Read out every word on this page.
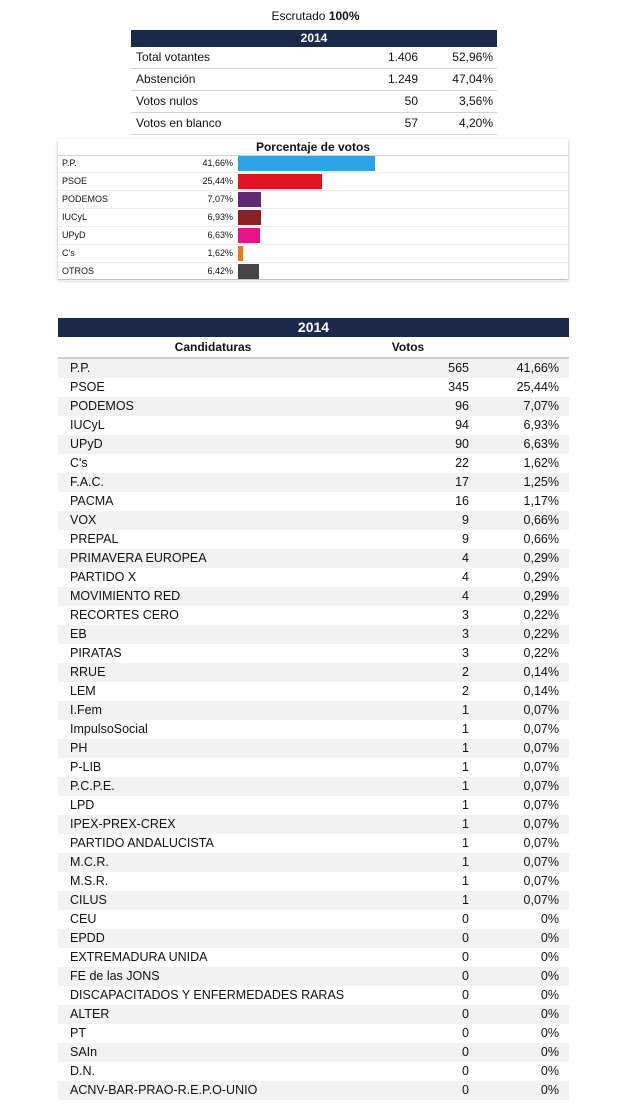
Escrutado 100%
2014
Total votantes	1.406	52,96%
Abstención	1.249	47,04%
Votos nulos	50	3,56%
Votos en blanco	57	4,20%
Porcentaje de votos
P.P.	41,66%
PSOE	25,44%
PODEMOS	7,07%
IUCyL	6,93%
UPyD	6,63%
C's	1,62%
OTROS	6,42%
2014
Candidaturas	Votos
P.P.	565	41,66%
PSOE	345	25,44%
PODEMOS	96	7,07%
IUCyL	94	6,93%
UPyD	90	6,63%
C's	22	1,62%
F.A.C.	17	1,25%
PACMA	16	1,17%
VOX	9	0,66%
PREPAL	9	0,66%
PRIMAVERA EUROPEA	4	0,29%
PARTIDO X	4	0,29%
MOVIMIENTO RED	4	0,29%
RECORTES CERO	3	0,22%
EB	3	0,22%
PIRATAS	3	0,22%
RRUE	2	0,14%
LEM	2	0,14%
I.Fem	1	0,07%
ImpulsoSocial	1	0,07%
PH	1	0,07%
P-LIB	1	0,07%
P.C.P.E.	1	0,07%
LPD	1	0,07%
IPEX-PREX-CREX	1	0,07%
PARTIDO ANDALUCISTA	1	0,07%
M.C.R.	1	0,07%
M.S.R.	1	0,07%
CILUS	1	0,07%
CEU	0	0%
EPDD	0	0%
EXTREMADURA UNIDA	0	0%
FE de las JONS	0	0%
DISCAPACITADOS Y ENFERMEDADES RARAS	0	0%
ALTER	0	0%
PT	0	0%
SAIn	0	0%
D.N.	0	0%
ACNV-BAR-PRAO-R.E.P.O-UNIO	0	0%
